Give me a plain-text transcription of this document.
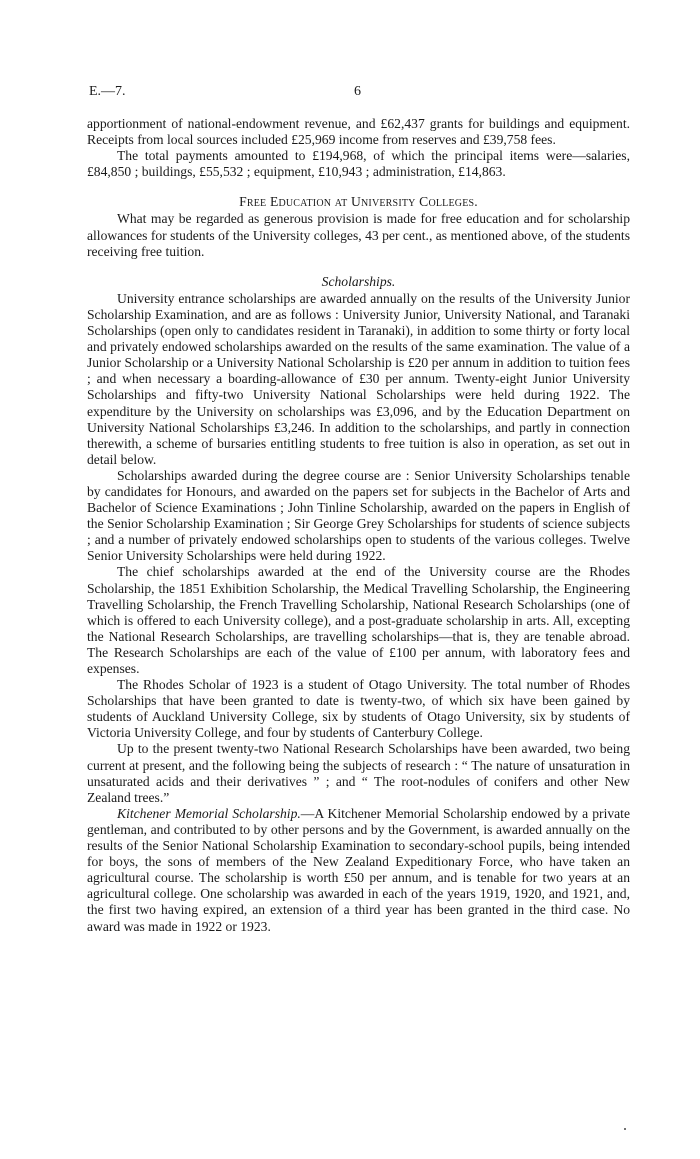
E.—7.	6

apportionment of national-endowment revenue, and £62,437 grants for buildings and equipment. Receipts from local sources included £25,969 income from reserves and £39,758 fees.

The total payments amounted to £194,968, of which the principal items were—salaries, £84,850 ; buildings, £55,532 ; equipment, £10,943 ; administration, £14,863.

Free Education at University Colleges.

What may be regarded as generous provision is made for free education and for scholarship allowances for students of the University colleges, 43 per cent., as mentioned above, of the students receiving free tuition.

Scholarships.

University entrance scholarships are awarded annually on the results of the University Junior Scholarship Examination, and are as follows : University Junior, University National, and Taranaki Scholarships (open only to candidates resident in Taranaki), in addition to some thirty or forty local and privately endowed scholarships awarded on the results of the same examination. The value of a Junior Scholarship or a University National Scholarship is £20 per annum in addition to tuition fees ; and when necessary a boarding-allowance of £30 per annum. Twenty-eight Junior University Scholarships and fifty-two University National Scholarships were held during 1922. The expenditure by the University on scholarships was £3,096, and by the Education Department on University National Scholarships £3,246. In addition to the scholarships, and partly in connection therewith, a scheme of bursaries entitling students to free tuition is also in operation, as set out in detail below.

Scholarships awarded during the degree course are : Senior University Scholarships tenable by candidates for Honours, and awarded on the papers set for subjects in the Bachelor of Arts and Bachelor of Science Examinations ; John Tinline Scholarship, awarded on the papers in English of the Senior Scholarship Examination ; Sir George Grey Scholarships for students of science subjects ; and a number of privately endowed scholarships open to students of the various colleges. Twelve Senior University Scholarships were held during 1922.

The chief scholarships awarded at the end of the University course are the Rhodes Scholarship, the 1851 Exhibition Scholarship, the Medical Travelling Scholarship, the Engineering Travelling Scholarship, the French Travelling Scholarship, National Research Scholarships (one of which is offered to each University college), and a post-graduate scholarship in arts. All, excepting the National Research Scholarships, are travelling scholarships—that is, they are tenable abroad. The Research Scholarships are each of the value of £100 per annum, with laboratory fees and expenses.

The Rhodes Scholar of 1923 is a student of Otago University. The total number of Rhodes Scholarships that have been granted to date is twenty-two, of which six have been gained by students of Auckland University College, six by students of Otago University, six by students of Victoria University College, and four by students of Canterbury College.

Up to the present twenty-two National Research Scholarships have been awarded, two being current at present, and the following being the subjects of research : “ The nature of unsaturation in unsaturated acids and their derivatives ” ; and “ The root-nodules of conifers and other New Zealand trees.”

Kitchener Memorial Scholarship.—A Kitchener Memorial Scholarship endowed by a private gentleman, and contributed to by other persons and by the Government, is awarded annually on the results of the Senior National Scholarship Examination to secondary-school pupils, being intended for boys, the sons of members of the New Zealand Expeditionary Force, who have taken an agricultural course. The scholarship is worth £50 per annum, and is tenable for two years at an agricultural college. One scholarship was awarded in each of the years 1919, 1920, and 1921, and, the first two having expired, an extension of a third year has been granted in the third case. No award was made in 1922 or 1923.
